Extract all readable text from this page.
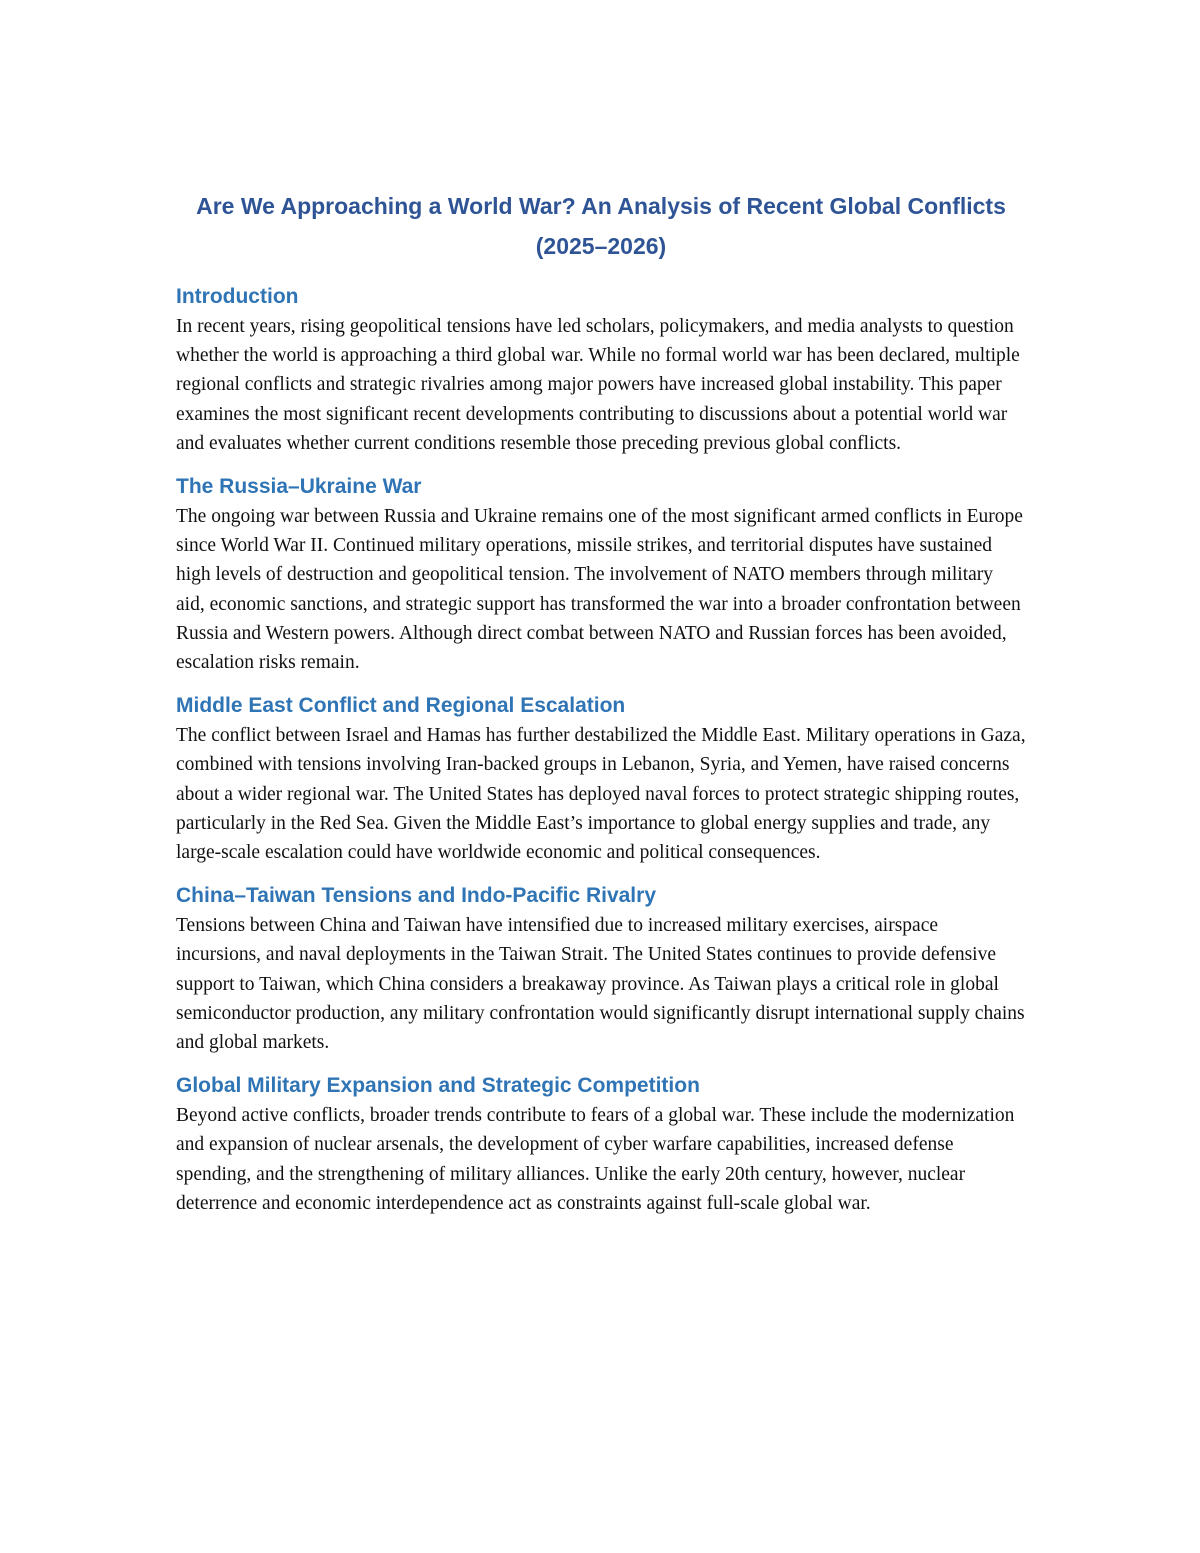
Are We Approaching a World War? An Analysis of Recent Global Conflicts (2025–2026)
Introduction

In recent years, rising geopolitical tensions have led scholars, policymakers, and media analysts to question whether the world is approaching a third global war. While no formal world war has been declared, multiple regional conflicts and strategic rivalries among major powers have increased global instability. This paper examines the most significant recent developments contributing to discussions about a potential world war and evaluates whether current conditions resemble those preceding previous global conflicts.

The Russia–Ukraine War

The ongoing war between Russia and Ukraine remains one of the most significant armed conflicts in Europe since World War II. Continued military operations, missile strikes, and territorial disputes have sustained high levels of destruction and geopolitical tension. The involvement of NATO members through military aid, economic sanctions, and strategic support has transformed the war into a broader confrontation between Russia and Western powers. Although direct combat between NATO and Russian forces has been avoided, escalation risks remain.

Middle East Conflict and Regional Escalation

The conflict between Israel and Hamas has further destabilized the Middle East. Military operations in Gaza, combined with tensions involving Iran-backed groups in Lebanon, Syria, and Yemen, have raised concerns about a wider regional war. The United States has deployed naval forces to protect strategic shipping routes, particularly in the Red Sea. Given the Middle East’s importance to global energy supplies and trade, any large-scale escalation could have worldwide economic and political consequences.

China–Taiwan Tensions and Indo-Pacific Rivalry

Tensions between China and Taiwan have intensified due to increased military exercises, airspace incursions, and naval deployments in the Taiwan Strait. The United States continues to provide defensive support to Taiwan, which China considers a breakaway province. As Taiwan plays a critical role in global semiconductor production, any military confrontation would significantly disrupt international supply chains and global markets.

Global Military Expansion and Strategic Competition

Beyond active conflicts, broader trends contribute to fears of a global war. These include the modernization and expansion of nuclear arsenals, the development of cyber warfare capabilities, increased defense spending, and the strengthening of military alliances. Unlike the early 20th century, however, nuclear deterrence and economic interdependence act as constraints against full-scale global war.
